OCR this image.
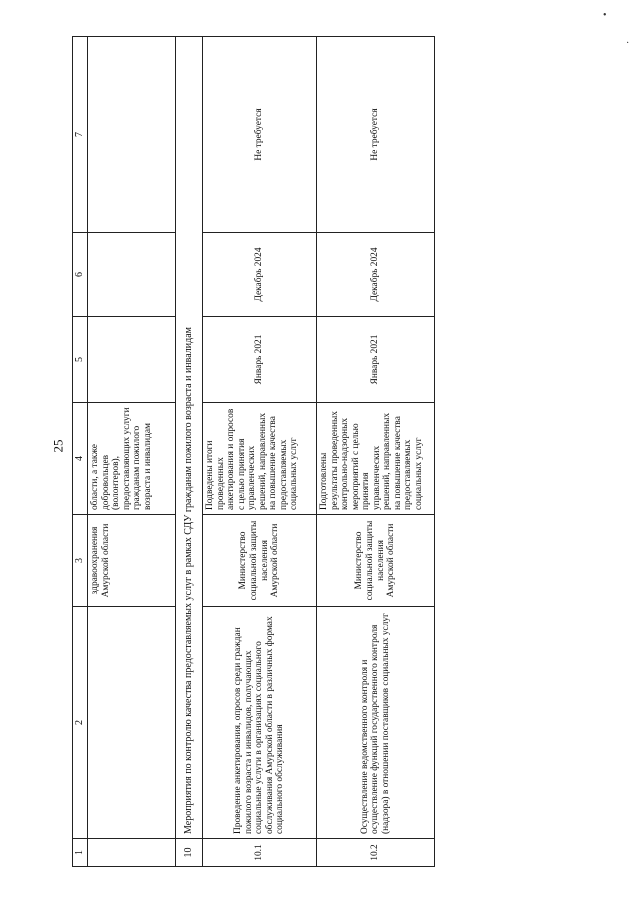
•
·
25
1	2	3	4	5	6	7
		здравоохранения Амурской области	области, а также добровольцев (волонтеров), предоставляющих услуги гражданам пожилого возраста и инвалидам			
10	Мероприятия по контролю качества предоставляемых услуг в рамках СДУ гражданам пожилого возраста и инвалидам					
10.1	Проведение анкетирования, опросов среди граждан пожилого возраста и инвалидов, получающих социальные услуги в организациях социального обслуживания Амурской области в различных формах социального обслуживания	Министерство социальной защиты населения Амурской области	Подведены итоги проведенных анкетирования и опросов с целью принятия управленческих решений, направленных на повышение качества предоставляемых социальных услуг	Январь 2021	Декабрь 2024	Не требуется
10.2	Осуществление ведомственного контроля и осуществление функций государственного контроля (надзора) в отношении поставщиков социальных услуг	Министерство социальной защиты населения Амурской области	Подготовлены результаты проведенных контрольно-надзорных мероприятий с целью принятия управленческих решений, направленных на повышение качества предоставляемых социальных услуг	Январь 2021	Декабрь 2024	Не требуется
